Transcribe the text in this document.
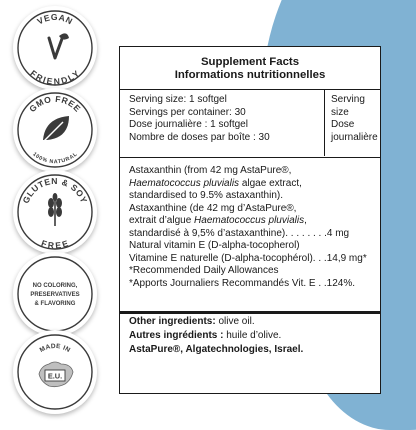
VEGAN
FRIENDLY
GMO FREE
100% NATURAL
GLUTEN & SOY
FREE
NO COLORING,
PRESERVATIVES
& FLAVORING
MADE IN
E.U.
Supplement Facts
Informations nutritionnelles
Serving size: 1 softgel
Servings per container: 30
Dose journalière : 1 softgel
Nombre de doses par boîte : 30
Serving
size
Dose
journalière
Astaxanthin (from 42 mg AstaPure®,
Haematococcus pluvialis algae extract,
standardised to 9.5% astaxanthin).
Astaxanthine (de 42 mg d’AstaPure®,
extrait d’algue Haematococcus pluvialis,
standardisé à 9,5% d’astaxanthine). . . . . . . .4 mg
Natural vitamin E (D-alpha-tocopherol)
Vitamine E naturelle (D-alpha-tocophérol). . .14,9 mg*
*Recommended Daily Allowances
*Apports Journaliers Recommandés Vit. E . .124%.
Other ingredients: olive oil.
Autres ingrédients : huile d’olive.
AstaPure®, Algatechnologies, Israel.
